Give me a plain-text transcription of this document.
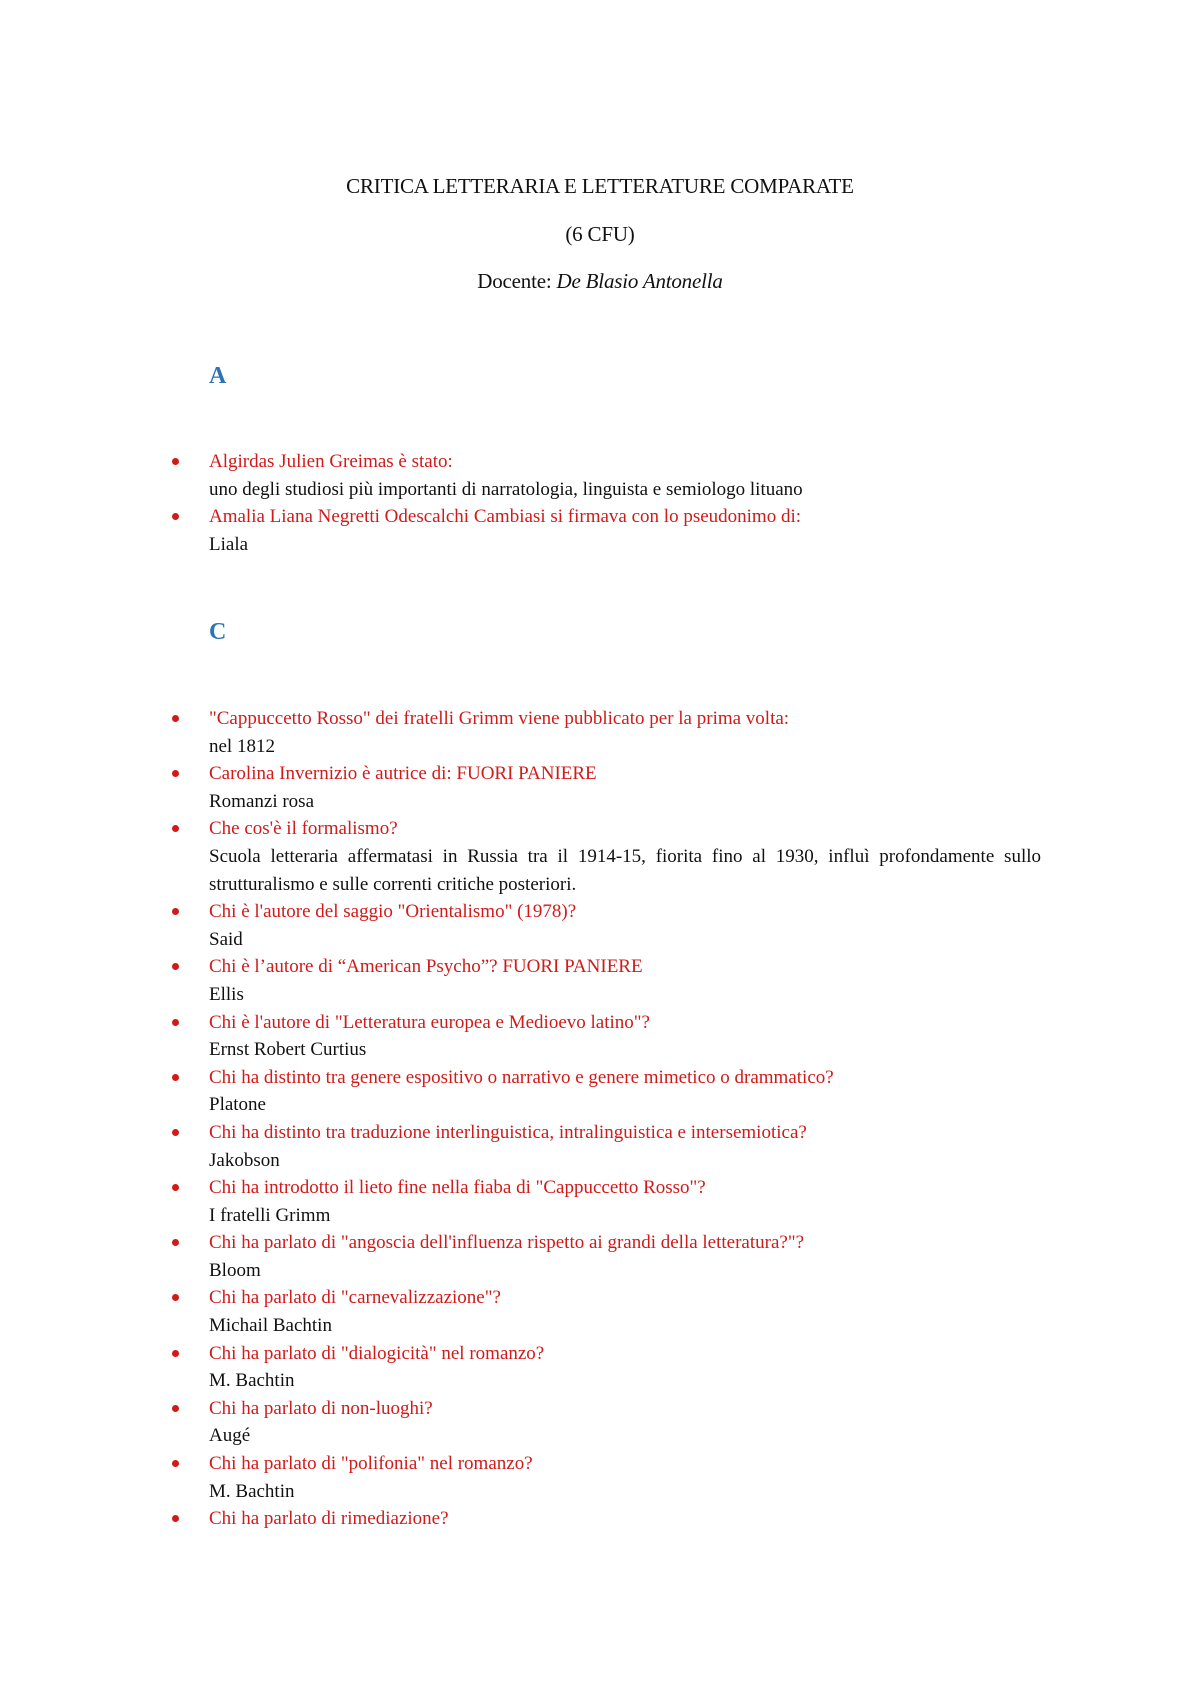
CRITICA LETTERARIA E LETTERATURE COMPARATE
(6 CFU)
Docente: De Blasio Antonella
A
Algirdas Julien Greimas è stato:
uno degli studiosi più importanti di narratologia, linguista e semiologo lituano
Amalia Liana Negretti Odescalchi Cambiasi si firmava con lo pseudonimo di:
Liala
C
"Cappuccetto Rosso" dei fratelli Grimm viene pubblicato per la prima volta:
nel 1812
Carolina Invernizio è autrice di: FUORI PANIERE
Romanzi rosa
Che cos'è il formalismo?
Scuola letteraria affermatasi in Russia tra il 1914-15, fiorita fino al 1930, influì profondamente sullo strutturalismo e sulle correnti critiche posteriori.
Chi è l'autore del saggio "Orientalismo" (1978)?
Said
Chi è l’autore di “American Psycho”? FUORI PANIERE
Ellis
Chi è l'autore di "Letteratura europea e Medioevo latino"?
Ernst Robert Curtius
Chi ha distinto tra genere espositivo o narrativo e genere mimetico o drammatico?
Platone
Chi ha distinto tra traduzione interlinguistica, intralinguistica e intersemiotica?
Jakobson
Chi ha introdotto il lieto fine nella fiaba di "Cappuccetto Rosso"?
I fratelli Grimm
Chi ha parlato di "angoscia dell'influenza rispetto ai grandi della letteratura?"?
Bloom
Chi ha parlato di "carnevalizzazione"?
Michail Bachtin
Chi ha parlato di "dialogicità" nel romanzo?
M. Bachtin
Chi ha parlato di non-luoghi?
Augé
Chi ha parlato di "polifonia" nel romanzo?
M. Bachtin
Chi ha parlato di rimediazione?
